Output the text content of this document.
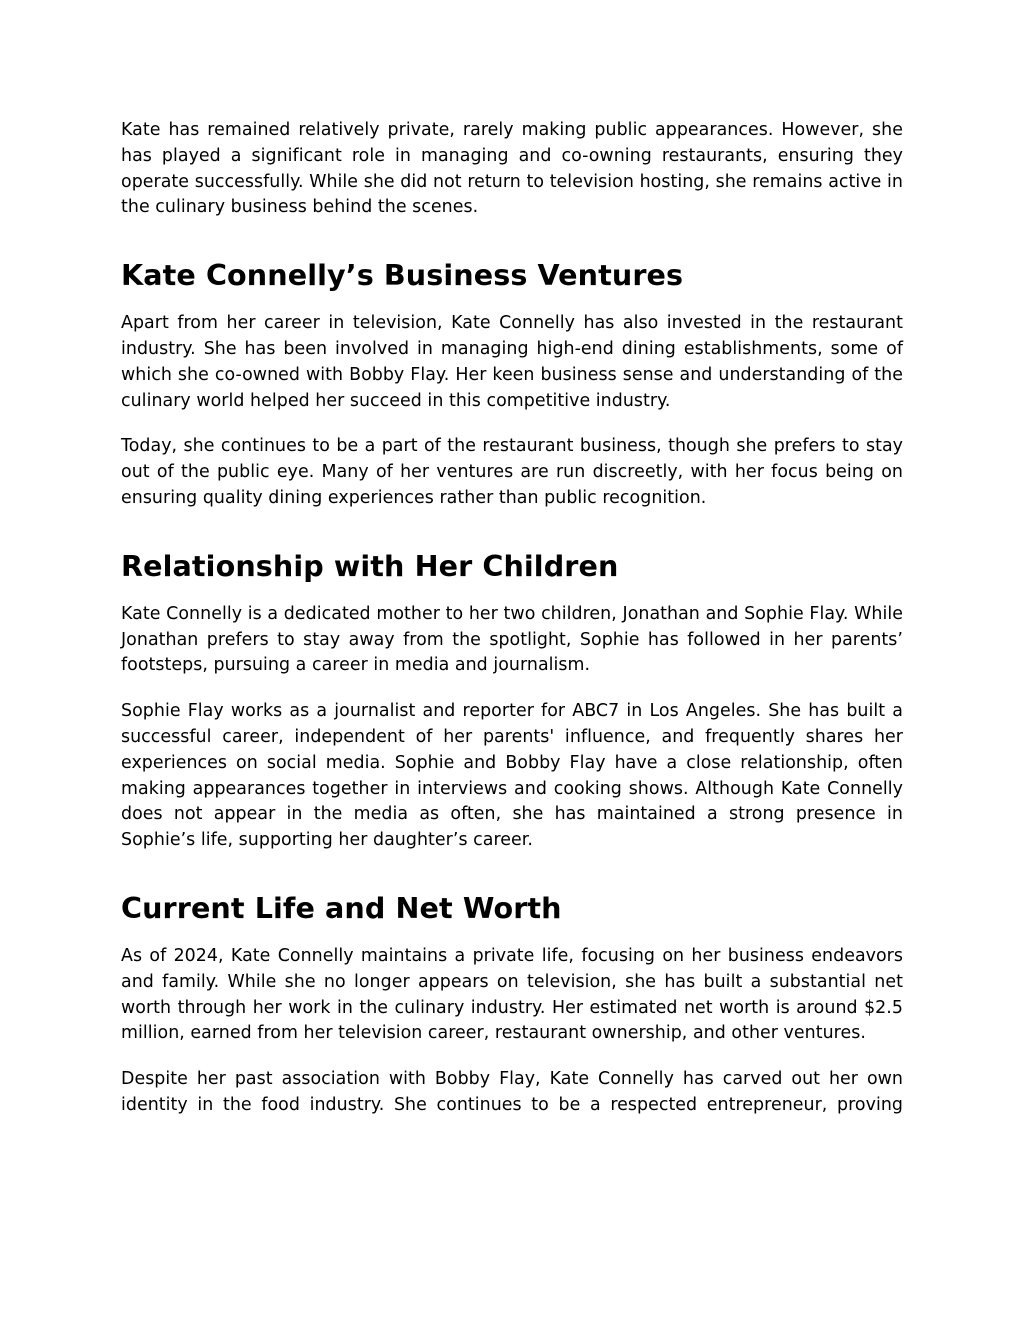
Kate has remained relatively private, rarely making public appearances. However, she has played a significant role in managing and co-owning restaurants, ensuring they operate successfully. While she did not return to television hosting, she remains active in the culinary business behind the scenes.

Kate Connelly’s Business Ventures

Apart from her career in television, Kate Connelly has also invested in the restaurant industry. She has been involved in managing high-end dining establishments, some of which she co-owned with Bobby Flay. Her keen business sense and understanding of the culinary world helped her succeed in this competitive industry.

Today, she continues to be a part of the restaurant business, though she prefers to stay out of the public eye. Many of her ventures are run discreetly, with her focus being on ensuring quality dining experiences rather than public recognition.

Relationship with Her Children

Kate Connelly is a dedicated mother to her two children, Jonathan and Sophie Flay. While Jonathan prefers to stay away from the spotlight, Sophie has followed in her parents’ footsteps, pursuing a career in media and journalism.

Sophie Flay works as a journalist and reporter for ABC7 in Los Angeles. She has built a successful career, independent of her parents' influence, and frequently shares her experiences on social media. Sophie and Bobby Flay have a close relationship, often making appearances together in interviews and cooking shows. Although Kate Connelly does not appear in the media as often, she has maintained a strong presence in Sophie’s life, supporting her daughter’s career.

Current Life and Net Worth

As of 2024, Kate Connelly maintains a private life, focusing on her business endeavors and family. While she no longer appears on television, she has built a substantial net worth through her work in the culinary industry. Her estimated net worth is around $2.5 million, earned from her television career, restaurant ownership, and other ventures.

Despite her past association with Bobby Flay, Kate Connelly has carved out her own identity in the food industry. She continues to be a respected entrepreneur, proving
